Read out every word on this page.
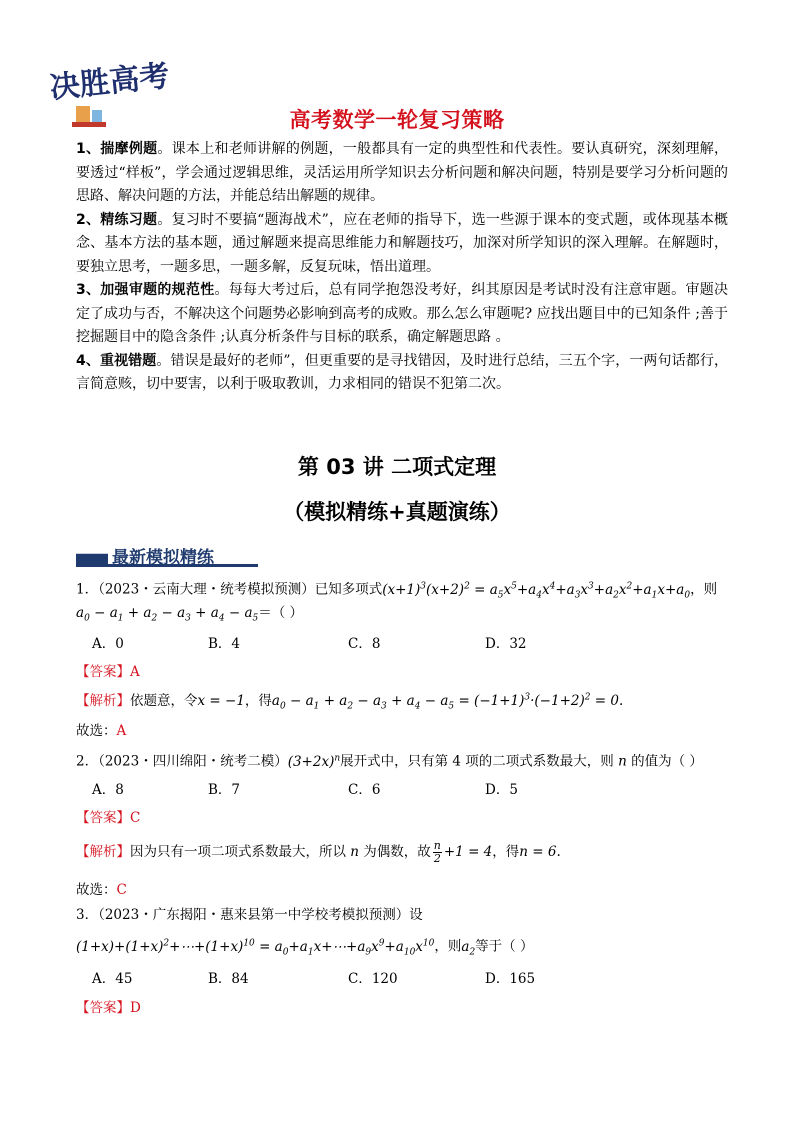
决胜高考
高考数学一轮复习策略

1、揣摩例题。课本上和老师讲解的例题，一般都具有一定的典型性和代表性。要认真研究，深刻理解，要透过“样板”，学会通过逻辑思维，灵活运用所学知识去分析问题和解决问题，特别是要学习分析问题的思路、解决问题的方法，并能总结出解题的规律。

2、精练习题。复习时不要搞“题海战术”，应在老师的指导下，选一些源于课本的变式题，或体现基本概念、基本方法的基本题，通过解题来提高思维能力和解题技巧，加深对所学知识的深入理解。在解题时，要独立思考，一题多思，一题多解，反复玩味，悟出道理。

3、加强审题的规范性。每每大考过后，总有同学抱怨没考好，纠其原因是考试时没有注意审题。审题决定了成功与否，不解决这个问题势必影响到高考的成败。那么怎么审题呢? 应找出题目中的已知条件 ;善于挖掘题目中的隐含条件 ;认真分析条件与目标的联系，确定解题思路 。

4、重视错题。错误是最好的老师”，但更重要的是寻找错因，及时进行总结，三五个字，一两句话都行，言简意赅，切中要害，以利于吸取教训，力求相同的错误不犯第二次。

第 03 讲 二项式定理
（模拟精练+真题演练）
最新模拟精练
1．（2023・云南大理・统考模拟预测）已知多项式$(x+1)^3(x+2)^2 = a_5x^5+a_4x^4+a_3x^3+a_2x^2+a_1x+a_0$，则
$a_0 - a_1 + a_2 - a_3 + a_4 - a_5=$（ ）
A．0	B．4	C．8	D．32
【答案】A
【解析】依题意，令x = −1，得$a_0 - a_1 + a_2 - a_3 + a_4 - a_5 = (-1+1)^3\cdot(-1+2)^2 = 0$.
故选：A
2．（2023・四川绵阳・统考二模）$(3+2x)^n$展开式中，只有第 4 项的二项式系数最大，则 n 的值为（ ）
A．8	B．7	C．6	D．5
【答案】C
【解析】因为只有一项二项式系数最大，所以 n 为偶数，故 $\frac{n}{2} +1 = 4$，得n = 6.
故选：C
3．（2023・广东揭阳・惠来县第一中学校考模拟预测）设
$(1+x)+(1+x)^2+\cdots+(1+x)^{10}$ = $a_0+a_1x+\cdots+a_9x^9+a_{10}x^{10}$，则$a_2$等于（ ）
A．45	B．84	C．120	D．165
【答案】D
